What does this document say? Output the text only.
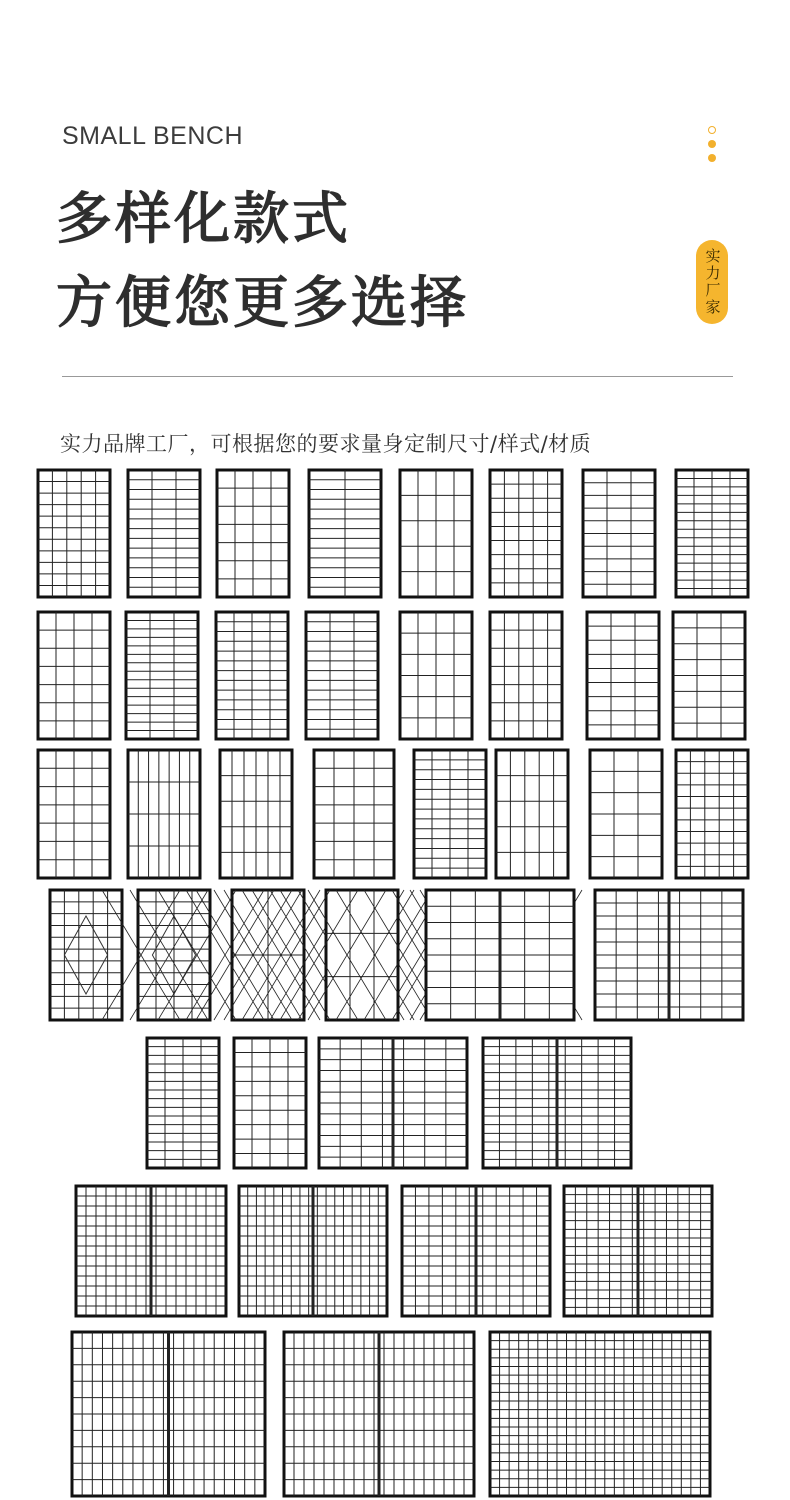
SMALL BENCH
多样化款式
方便您更多选择	实力厂家
实力品牌工厂，可根据您的要求量身定制尺寸/样式/材质
